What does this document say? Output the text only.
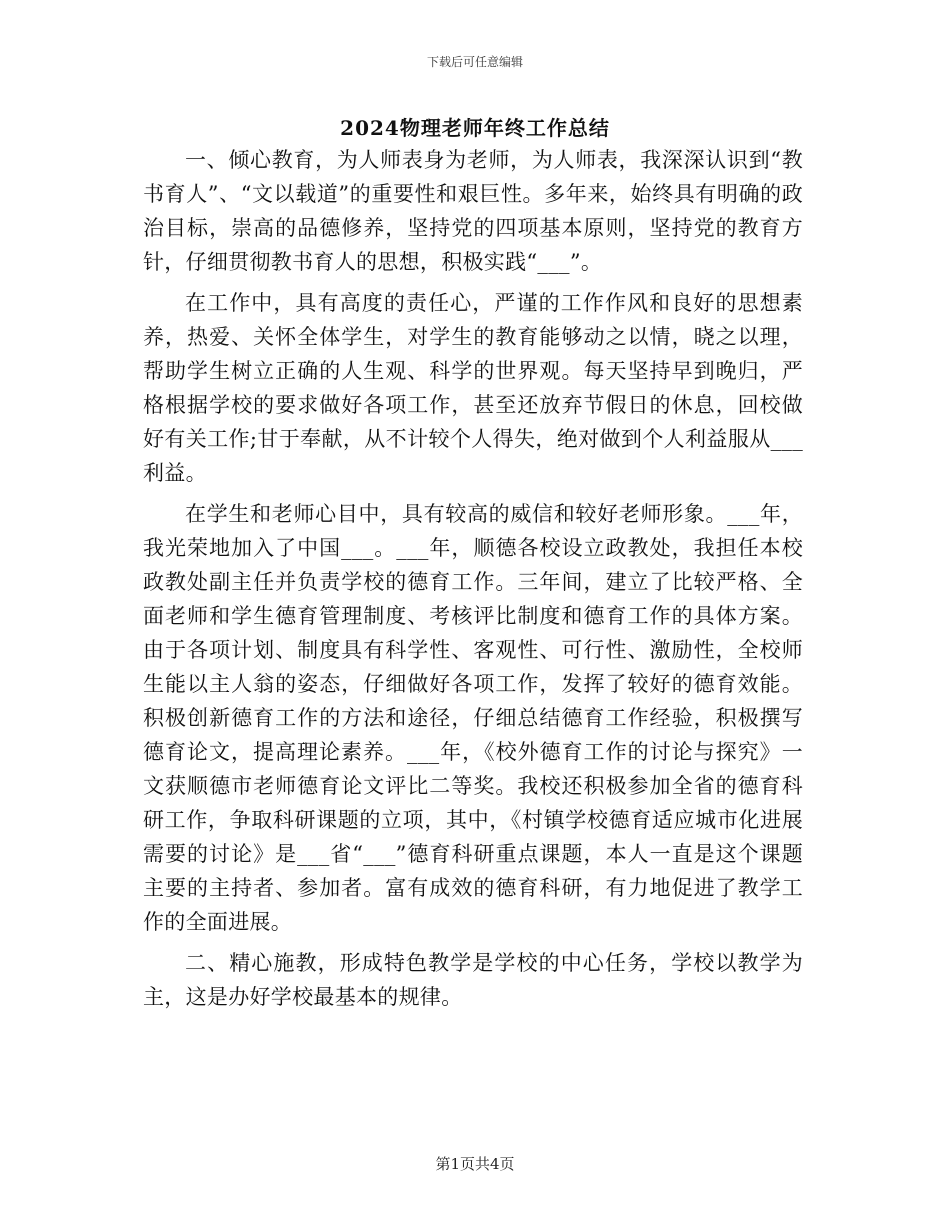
下载后可任意编辑
2024物理老师年终工作总结

一、倾心教育，为人师表身为老师，为人师表，我深深认识到“教书育人”、“文以载道”的重要性和艰巨性。多年来，始终具有明确的政治目标，崇高的品德修养，坚持党的四项基本原则，坚持党的教育方针，仔细贯彻教书育人的思想，积极实践“___”。

在工作中，具有高度的责任心，严谨的工作作风和良好的思想素养，热爱、关怀全体学生，对学生的教育能够动之以情，晓之以理，帮助学生树立正确的人生观、科学的世界观。每天坚持早到晚归，严格根据学校的要求做好各项工作，甚至还放弃节假日的休息，回校做好有关工作;甘于奉献，从不计较个人得失，绝对做到个人利益服从___利益。

在学生和老师心目中，具有较高的威信和较好老师形象。___年，我光荣地加入了中国___。___年，顺德各校设立政教处，我担任本校政教处副主任并负责学校的德育工作。三年间，建立了比较严格、全面老师和学生德育管理制度、考核评比制度和德育工作的具体方案。由于各项计划、制度具有科学性、客观性、可行性、激励性，全校师生能以主人翁的姿态，仔细做好各项工作，发挥了较好的德育效能。积极创新德育工作的方法和途径，仔细总结德育工作经验，积极撰写德育论文，提高理论素养。___年，《校外德育工作的讨论与探究》一文获顺德市老师德育论文评比二等奖。我校还积极参加全省的德育科研工作，争取科研课题的立项，其中，《村镇学校德育适应城市化进展需要的讨论》是___省“___”德育科研重点课题，本人一直是这个课题主要的主持者、参加者。富有成效的德育科研，有力地促进了教学工作的全面进展。

二、精心施教，形成特色教学是学校的中心任务，学校以教学为主，这是办好学校最基本的规律。

第1页共4页
